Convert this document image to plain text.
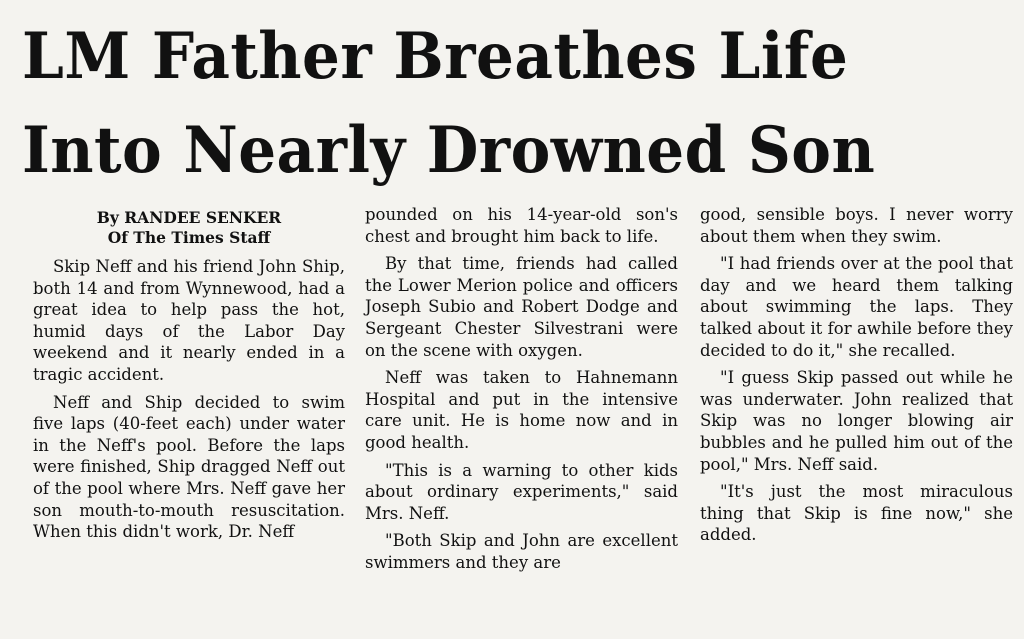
LM Father Breathes Life
Into Nearly Drowned Son
By RANDEE SENKER
Of The Times Staff

Skip Neff and his friend John Ship, both 14 and from Wynnewood, had a great idea to help pass the hot, humid days of the Labor Day weekend and it nearly ended in a tragic accident.

Neff and Ship decided to swim five laps (40-feet each) under water in the Neff's pool. Before the laps were finished, Ship dragged Neff out of the pool where Mrs. Neff gave her son mouth-to-mouth resuscitation. When this didn't work, Dr. Neff

pounded on his 14-year-old son's chest and brought him back to life.

By that time, friends had called the Lower Merion police and officers Joseph Subio and Robert Dodge and Sergeant Chester Silvestrani were on the scene with oxygen.

Neff was taken to Hahnemann Hospital and put in the intensive care unit. He is home now and in good health.

"This is a warning to other kids about ordinary experiments," said Mrs. Neff.

"Both Skip and John are excellent swimmers and they are

good, sensible boys. I never worry about them when they swim.

"I had friends over at the pool that day and we heard them talking about swimming the laps. They talked about it for awhile before they decided to do it," she recalled.

"I guess Skip passed out while he was underwater. John realized that Skip was no longer blowing air bubbles and he pulled him out of the pool," Mrs. Neff said.

"It's just the most miraculous thing that Skip is fine now," she added.
